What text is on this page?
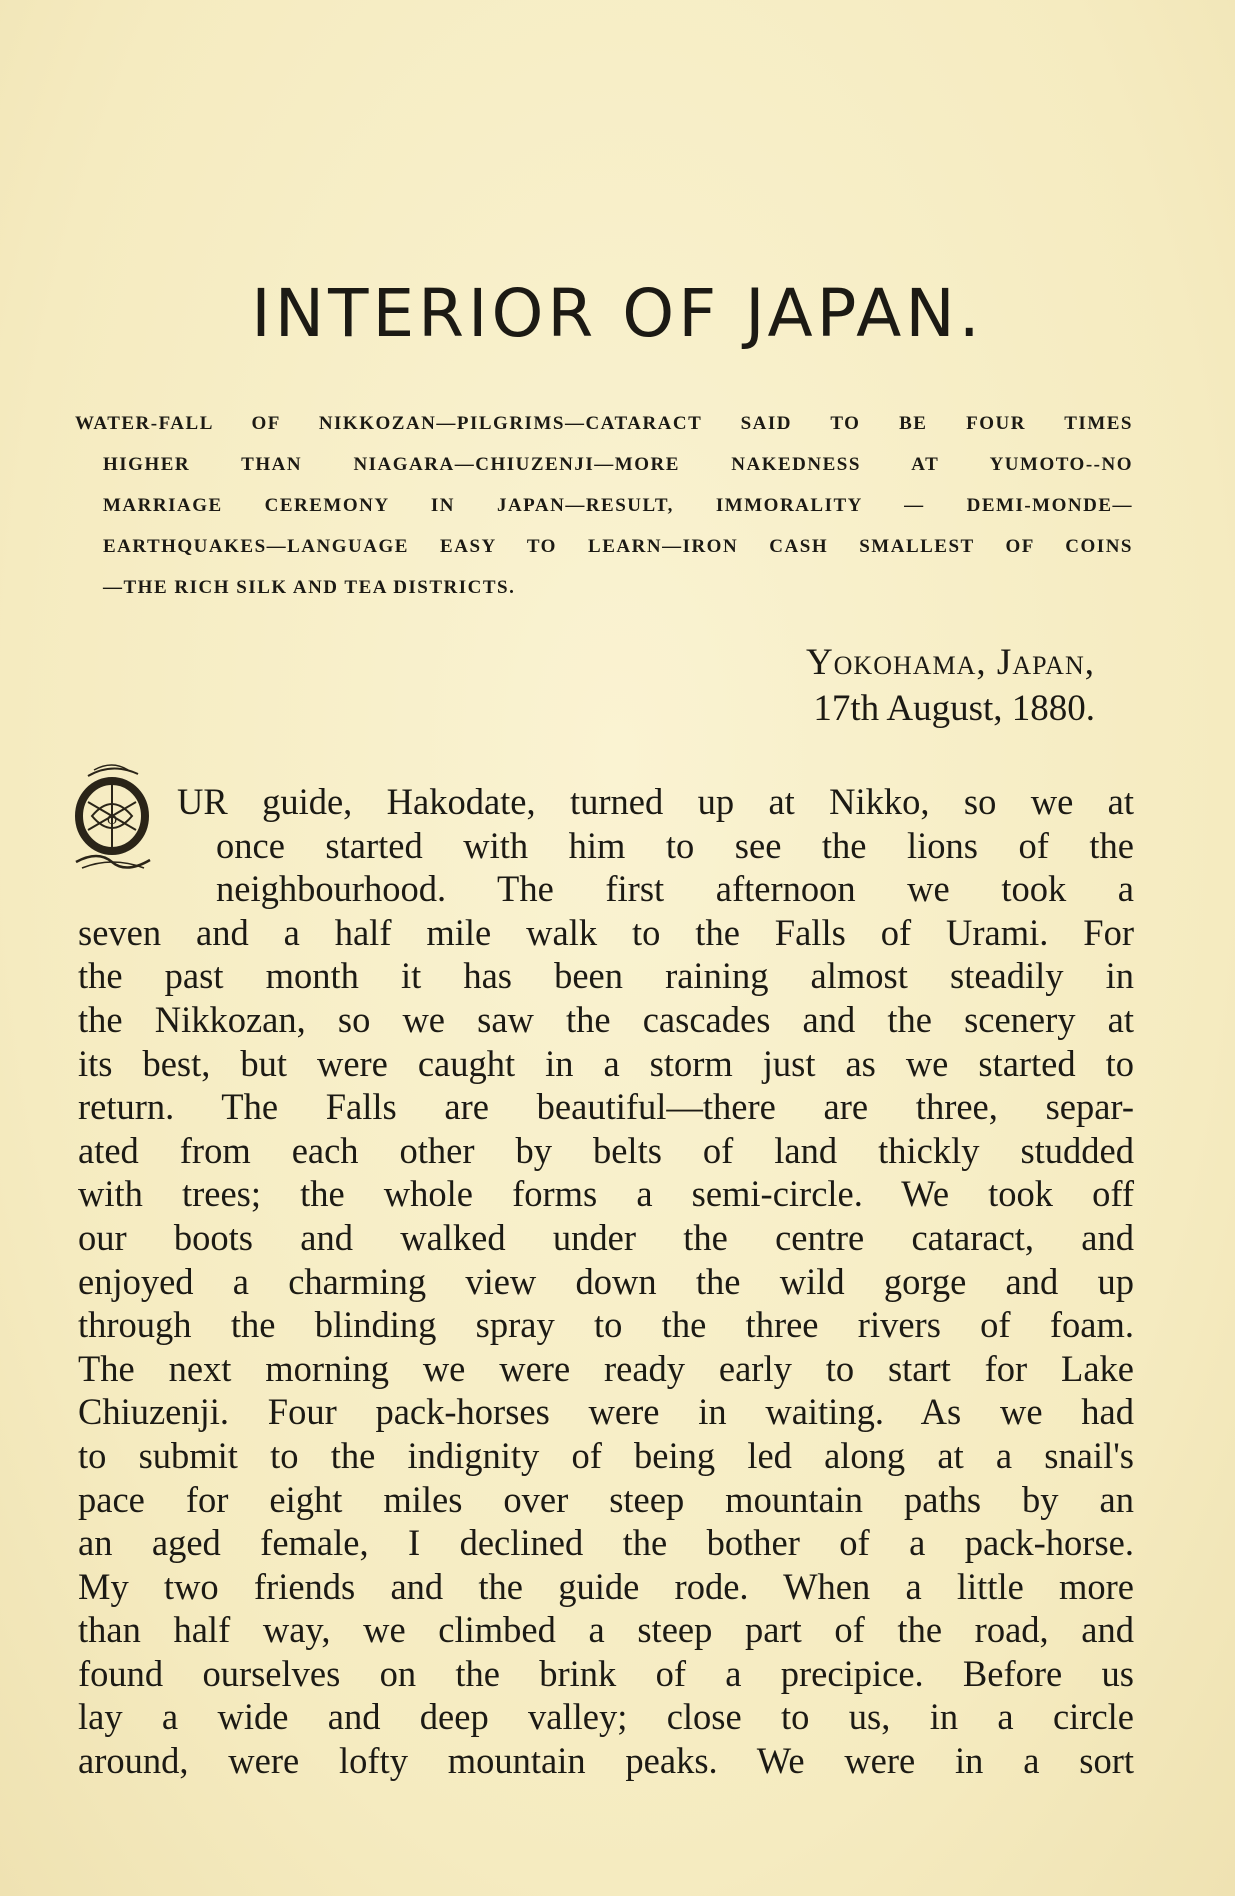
INTERIOR OF JAPAN.
WATER-FALL OF NIKKOZAN—PILGRIMS—CATARACT SAID TO BE FOUR TIMES
HIGHER THAN NIAGARA—CHIUZENJI—MORE NAKEDNESS AT YUMOTO--NO
MARRIAGE CEREMONY IN JAPAN—RESULT, IMMORALITY — DEMI-MONDE—
EARTHQUAKES—LANGUAGE EASY TO LEARN—IRON CASH SMALLEST OF COINS
—THE RICH SILK AND TEA DISTRICTS.
Yokohama, Japan,
17th August, 1880.
O	UR guide, Hakodate, turned up at Nikko, so we at
once started with him to see the lions of the
neighbourhood. The first afternoon we took a
seven and a half mile walk to the Falls of Urami. For
the past month it has been raining almost steadily in
the Nikkozan, so we saw the cascades and the scenery at
its best, but were caught in a storm just as we started to
return. The Falls are beautiful—there are three, separ-
ated from each other by belts of land thickly studded
with trees; the whole forms a semi-circle. We took off
our boots and walked under the centre cataract, and
enjoyed a charming view down the wild gorge and up
through the blinding spray to the three rivers of foam.
The next morning we were ready early to start for Lake
Chiuzenji. Four pack-horses were in waiting. As we had
to submit to the indignity of being led along at a snail's
pace for eight miles over steep mountain paths by an
an aged female, I declined the bother of a pack-horse.
My two friends and the guide rode. When a little more
than half way, we climbed a steep part of the road, and
found ourselves on the brink of a precipice. Before us
lay a wide and deep valley; close to us, in a circle
around, were lofty mountain peaks. We were in a sort
